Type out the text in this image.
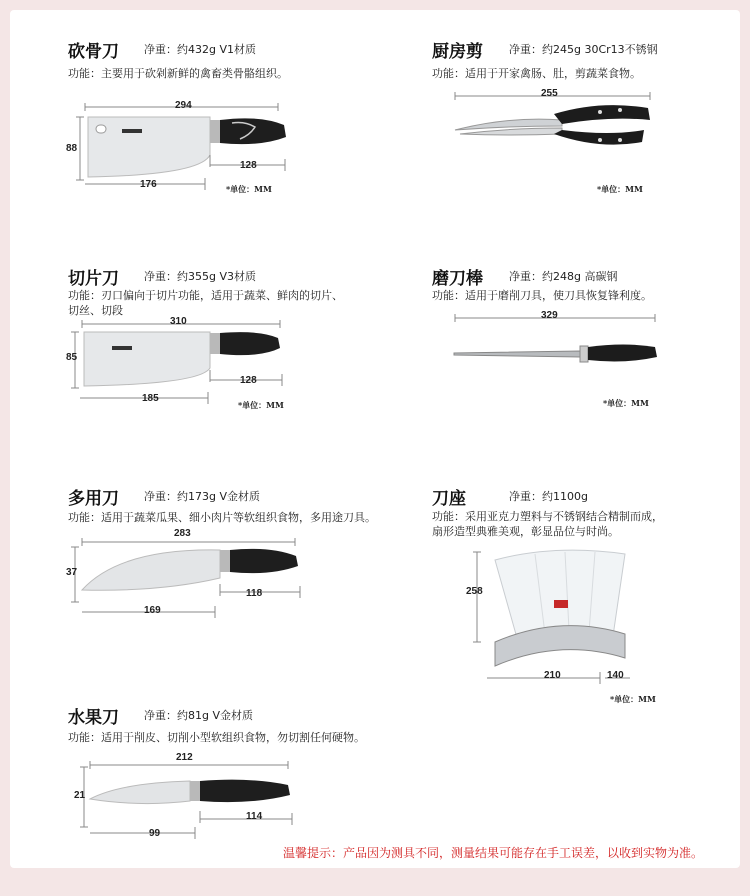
砍骨刀 净重：约432g V1材质
功能：主要用于砍剁新鲜的禽畜类骨骼组织。
294
88
128
176	*单位：MM
厨房剪 净重：约245g 30Cr13不锈钢
功能：适用于开家禽肠、肚，剪蔬菜食物。
255
*单位：MM
切片刀 净重：约355g V3材质
功能：刃口偏向于切片功能，适用于蔬菜、鲜肉的切片、
切丝、切段
310
85
128
185
*单位：MM
磨刀棒 净重：约248g 高碳钢
功能：适用于磨削刀具，使刀具恢复锋利度。
329
*单位：MM
多用刀 净重：约173g V金材质
功能：适用于蔬菜瓜果、细小肉片等软组织食物，多用途刀具。
283
37
118
169
刀座	净重：约1100g
功能：采用亚克力塑料与不锈钢结合精制而成，
扇形造型典雅美观，彰显品位与时尚。
258
210	140
*单位：MM
水果刀 净重：约81g V金材质
功能：适用于削皮、切削小型软组织食物，勿切割任何硬物。
212
21
114
99
温馨提示：产品因为测具不同，测量结果可能存在手工误差，以收到实物为准。
